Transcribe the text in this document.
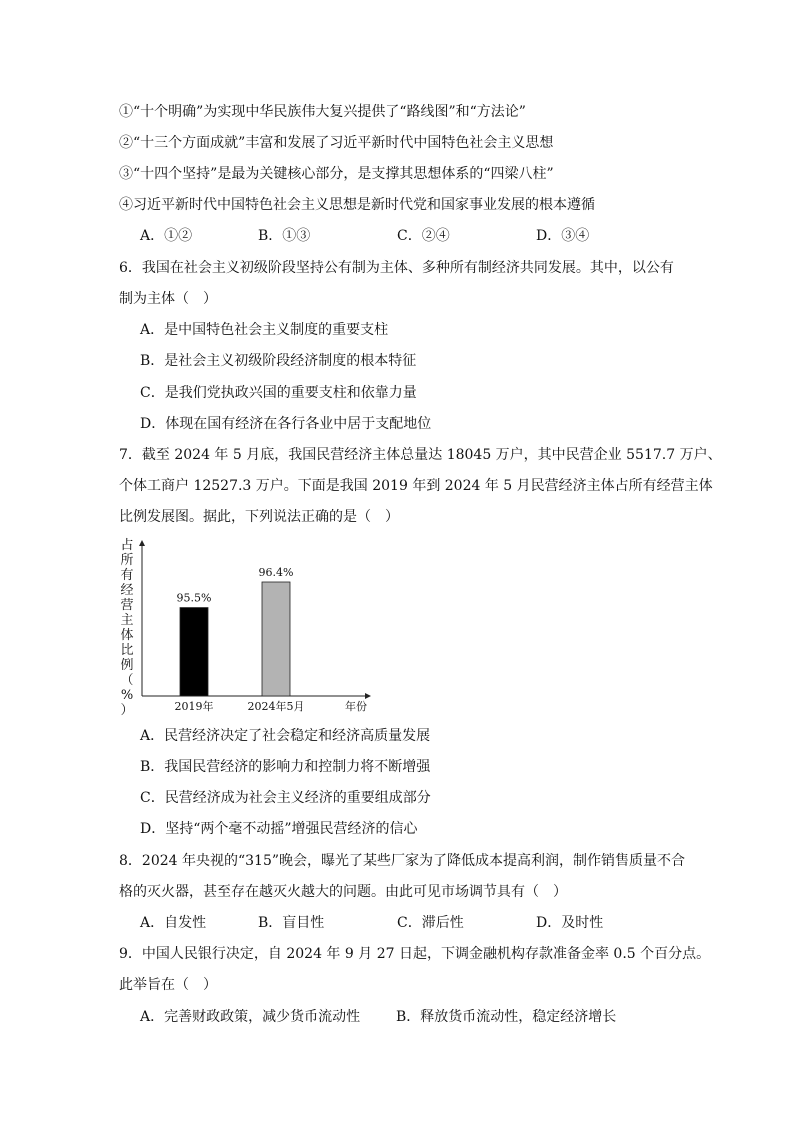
①“十个明确”为实现中华民族伟大复兴提供了“路线图”和“方法论”
②“十三个方面成就”丰富和发展了习近平新时代中国特色社会主义思想
③“十四个坚持”是最为关键核心部分，是支撑其思想体系的“四梁八柱”
④习近平新时代中国特色社会主义思想是新时代党和国家事业发展的根本遵循
A．①②	B．①③	C．②④	D．③④
6．我国在社会主义初级阶段坚持公有制为主体、多种所有制经济共同发展。其中，以公有
制为主体（　）
A．是中国特色社会主义制度的重要支柱
B．是社会主义初级阶段经济制度的根本特征
C．是我们党执政兴国的重要支柱和依靠力量
D．体现在国有经济在各行各业中居于支配地位
7．截至 2024 年 5 月底，我国民营经济主体总量达 18045 万户，其中民营企业 5517.7 万户、
个体工商户 12527.3 万户。下面是我国 2019 年到 2024 年 5 月民营经济主体占所有经营主体
比例发展图。据此，下列说法正确的是（　）
占所有经营主体比例（%）	年份
95.5%
2019年
96.4%
2024年5月
A．民营经济决定了社会稳定和经济高质量发展
B．我国民营经济的影响力和控制力将不断增强
C．民营经济成为社会主义经济的重要组成部分
D．坚持“两个毫不动摇”增强民营经济的信心
8．2024 年央视的“315”晚会，曝光了某些厂家为了降低成本提高利润，制作销售质量不合
格的灭火器，甚至存在越灭火越大的问题。由此可见市场调节具有（　）
A．自发性	B．盲目性	C．滞后性	D．及时性
9．中国人民银行决定，自 2024 年 9 月 27 日起，下调金融机构存款准备金率 0.5 个百分点。
此举旨在（　）
A．完善财政政策，减少货币流动性	B．释放货币流动性，稳定经济增长
